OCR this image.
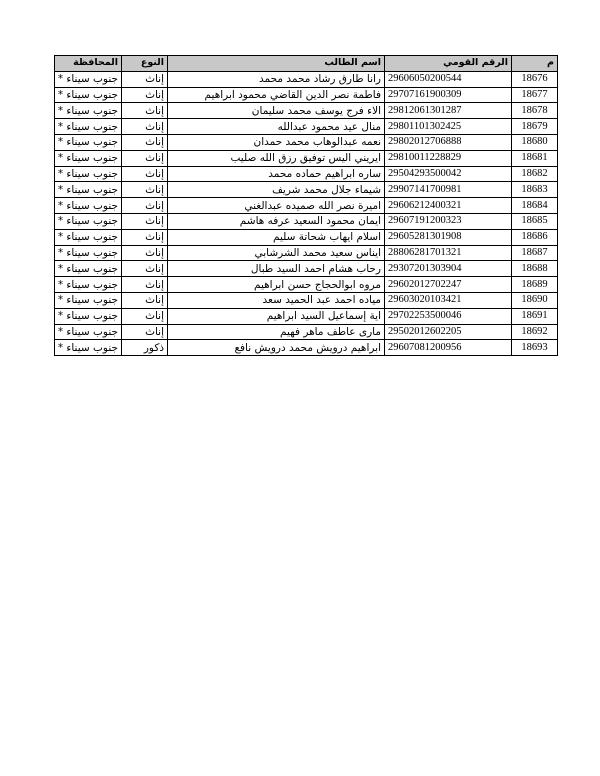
م	الرقم القومي	اسم الطالب	النوع	المحافظة
18676	29606050200544	رانا طارق رشاد محمد محمد	إناث	جنوب سيناء *
18677	29707161900309	فاطمة نصر الدين القاضي محمود ابراهيم	إناث	جنوب سيناء *
18678	29812061301287	الاء فرج يوسف محمد سليمان	إناث	جنوب سيناء *
18679	29801101302425	منال عيد محمود عبدالله	إناث	جنوب سيناء *
18680	29802012706888	نعمه عبدالوهاب محمد حمدان	إناث	جنوب سيناء *
18681	29810011228829	ايريني اليس توفيق رزق الله صليب	إناث	جنوب سيناء *
18682	29504293500042	ساره ابراهيم حماده محمد	إناث	جنوب سيناء *
18683	29907141700981	شيماء جلال محمد شريف	إناث	جنوب سيناء *
18684	29606212400321	اميرة نصر الله صميده عبدالغني	إناث	جنوب سيناء *
18685	29607191200323	ايمان محمود السعيد عرفه هاشم	إناث	جنوب سيناء *
18686	29605281301908	اسلام ايهاب شحاتة سليم	إناث	جنوب سيناء *
18687	28806281701321	ايناس سعيد محمد الشرشابي	إناث	جنوب سيناء *
18688	29307201303904	رحاب هشام احمد السيد طبال	إناث	جنوب سيناء *
18689	29602012702247	مروه ابوالحجاج حسن ابراهيم	إناث	جنوب سيناء *
18690	29603020103421	مياده احمد عبد الحميد سعد	إناث	جنوب سيناء *
18691	29702253500046	اية إسماعيل السيد ابراهيم	إناث	جنوب سيناء *
18692	29502012602205	مارى عاطف ماهر فهيم	إناث	جنوب سيناء *
18693	29607081200956	ابراهيم درويش محمد درويش نافع	ذكور	جنوب سيناء *
